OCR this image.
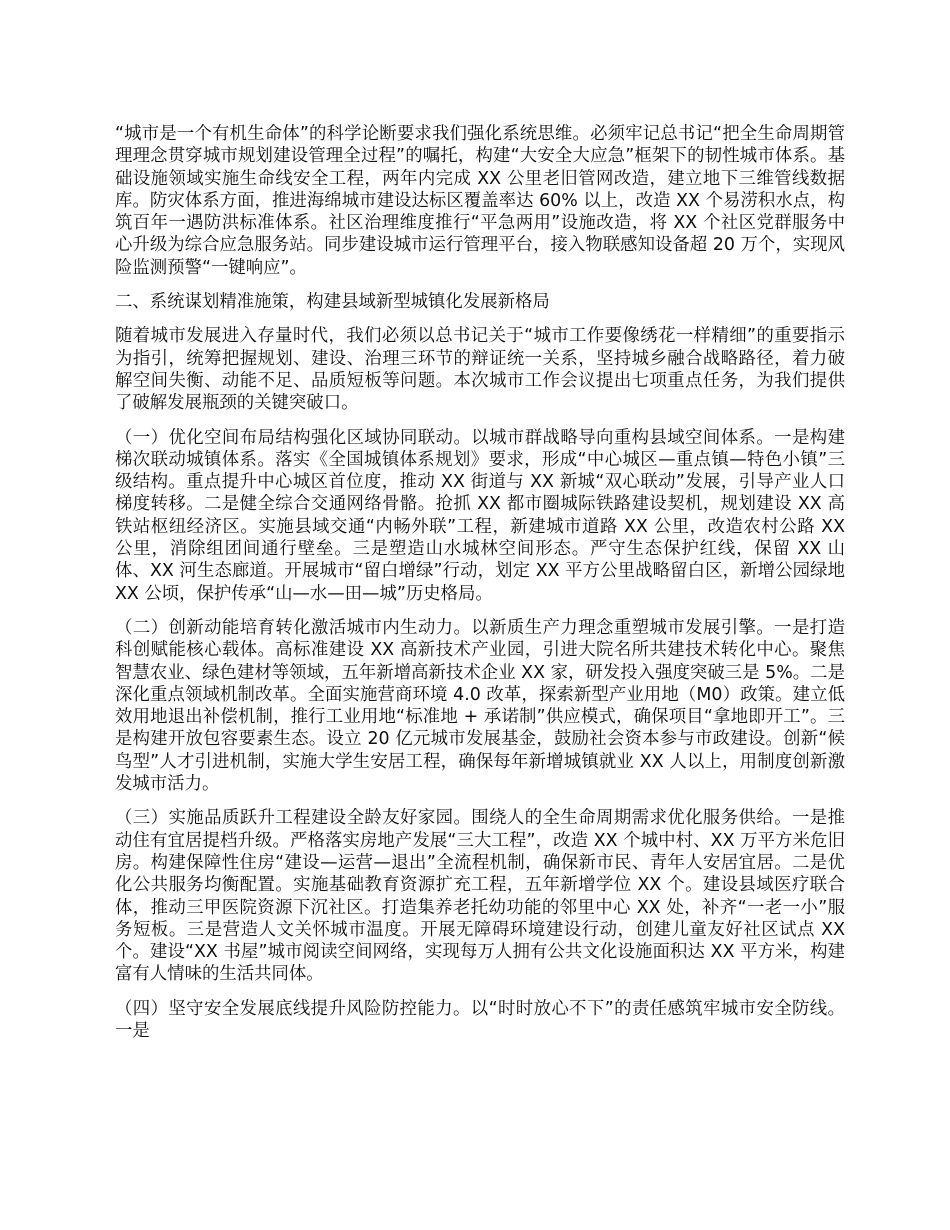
“城市是一个有机生命体”的科学论断要求我们强化系统思维。必须牢记总书记“把全生命周期管理理念贯穿城市规划建设管理全过程”的嘱托，构建“大安全大应急”框架下的韧性城市体系。基础设施领域实施生命线安全工程，两年内完成 XX 公里老旧管网改造，建立地下三维管线数据库。防灾体系方面，推进海绵城市建设达标区覆盖率达 60% 以上，改造 XX 个易涝积水点，构筑百年一遇防洪标准体系。社区治理维度推行“平急两用”设施改造，将 XX 个社区党群服务中心升级为综合应急服务站。同步建设城市运行管理平台，接入物联感知设备超 20 万个，实现风险监测预警“一键响应”。

二、系统谋划精准施策，构建县域新型城镇化发展新格局

随着城市发展进入存量时代，我们必须以总书记关于“城市工作要像绣花一样精细”的重要指示为指引，统筹把握规划、建设、治理三环节的辩证统一关系，坚持城乡融合战略路径，着力破解空间失衡、动能不足、品质短板等问题。本次城市工作会议提出七项重点任务，为我们提供了破解发展瓶颈的关键突破口。

（一）优化空间布局结构强化区域协同联动。以城市群战略导向重构县域空间体系。一是构建梯次联动城镇体系。落实《全国城镇体系规划》要求，形成“中心城区—重点镇—特色小镇”三级结构。重点提升中心城区首位度，推动 XX 街道与 XX 新城“双心联动”发展，引导产业人口梯度转移。二是健全综合交通网络骨骼。抢抓 XX 都市圈城际铁路建设契机，规划建设 XX 高铁站枢纽经济区。实施县域交通“内畅外联”工程，新建城市道路 XX 公里，改造农村公路 XX 公里，消除组团间通行壁垒。三是塑造山水城林空间形态。严守生态保护红线，保留 XX 山体、XX 河生态廊道。开展城市“留白增绿”行动，划定 XX 平方公里战略留白区，新增公园绿地 XX 公顷，保护传承“山—水—田—城”历史格局。

（二）创新动能培育转化激活城市内生动力。以新质生产力理念重塑城市发展引擎。一是打造科创赋能核心载体。高标准建设 XX 高新技术产业园，引进大院名所共建技术转化中心。聚焦智慧农业、绿色建材等领域，五年新增高新技术企业 XX 家，研发投入强度突破三是 5%。二是深化重点领域机制改革。全面实施营商环境 4.0 改革，探索新型产业用地（M0）政策。建立低效用地退出补偿机制，推行工业用地“标准地 + 承诺制”供应模式，确保项目“拿地即开工”。三是构建开放包容要素生态。设立 20 亿元城市发展基金，鼓励社会资本参与市政建设。创新“候鸟型”人才引进机制，实施大学生安居工程，确保每年新增城镇就业 XX 人以上，用制度创新激发城市活力。

（三）实施品质跃升工程建设全龄友好家园。围绕人的全生命周期需求优化服务供给。一是推动住有宜居提档升级。严格落实房地产发展“三大工程”，改造 XX 个城中村、XX 万平方米危旧房。构建保障性住房“建设—运营—退出”全流程机制，确保新市民、青年人安居宜居。二是优化公共服务均衡配置。实施基础教育资源扩充工程，五年新增学位 XX 个。建设县域医疗联合体，推动三甲医院资源下沉社区。打造集养老托幼功能的邻里中心 XX 处，补齐“一老一小”服务短板。三是营造人文关怀城市温度。开展无障碍环境建设行动，创建儿童友好社区试点 XX 个。建设“XX 书屋”城市阅读空间网络，实现每万人拥有公共文化设施面积达 XX 平方米，构建富有人情味的生活共同体。

（四）坚守安全发展底线提升风险防控能力。以“时时放心不下”的责任感筑牢城市安全防线。一是
